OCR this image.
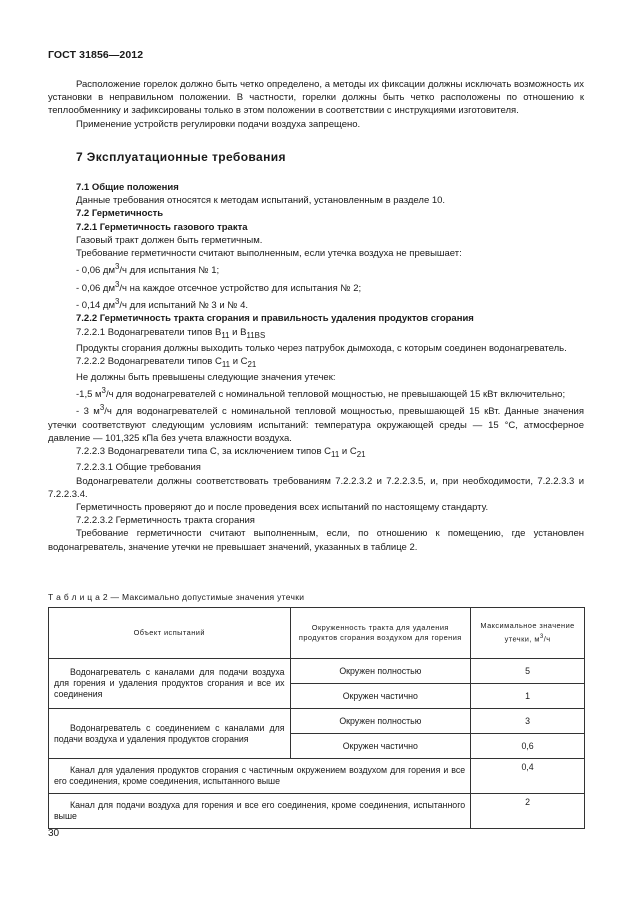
ГОСТ 31856—2012

Расположение горелок должно быть четко определено, а методы их фиксации должны исключать возможность их установки в неправильном положении. В частности, горелки должны быть четко расположены по отношению к теплообменнику и зафиксированы только в этом положении в соответствии с инструкциями изготовителя.

Применение устройств регулировки подачи воздуха запрещено.

7 Эксплуатационные требования

7.1 Общие положения

Данные требования относятся к методам испытаний, установленным в разделе 10.

7.2 Герметичность

7.2.1 Герметичность газового тракта

Газовый тракт должен быть герметичным.

Требование герметичности считают выполненным, если утечка воздуха не превышает:

- 0,06 $дм^3/ч$ для испытания № 1;

- 0,06 $дм^3/ч$ на каждое отсечное устройство для испытания № 2;

- 0,14 $дм^3/ч$ для испытаний № 3 и № 4.

7.2.2 Герметичность тракта сгорания и правильность удаления продуктов сгорания

7.2.2.1 Водонагреватели типов $В_{11}$ и $В_{11BS}$

Продукты сгорания должны выходить только через патрубок дымохода, с которым соединен водонагреватель.

7.2.2.2 Водонагреватели типов $С_{11}$ и $С_{21}$

Не должны быть превышены следующие значения утечек:

-1,5 $м^3/ч$ для водонагревателей с номинальной тепловой мощностью, не превышающей 15 кВт включительно;

- 3 $м^3/ч$ для водонагревателей с номинальной тепловой мощностью, превышающей 15 кВт. Данные значения утечки соответствуют следующим условиям испытаний: температура окружающей среды — 15 °С, атмосферное давление — 101,325 кПа без учета влажности воздуха.

7.2.2.3 Водонагреватели типа С, за исключением типов $С_{11}$ и $С_{21}$

7.2.2.3.1 Общие требования

Водонагреватели должны соответствовать требованиям 7.2.2.3.2 и 7.2.2.3.5, и, при необходимости, 7.2.2.3.3 и 7.2.2.3.4.

Герметичность проверяют до и после проведения всех испытаний по настоящему стандарту.

7.2.2.3.2 Герметичность тракта сгорания

Требование герметичности считают выполненным, если, по отношению к помещению, где установлен водонагреватель, значение утечки не превышает значений, указанных в таблице 2.

Т а б л и ц а 2 — Максимально допустимые значения утечки
Объект испытаний	Окруженность тракта для удаления продуктов сгорания воздухом для горения	Максимальное значение утечки, $м^3/ч$
Водонагреватель с каналами для подачи воздуха для горения и удаления продуктов сгорания и все их соединения	Окружен полностью	5
	Окружен частично	1
Водонагреватель с соединением с каналами для подачи воздуха и удаления продуктов сгорания	Окружен полностью	3
	Окружен частично	0,6
Канал для удаления продуктов сгорания с частичным окружением воздухом для горения и все его соединения, кроме соединения, испытанного выше		0,4
Канал для подачи воздуха для горения и все его соединения, кроме соединения, испытанного выше		2
30
